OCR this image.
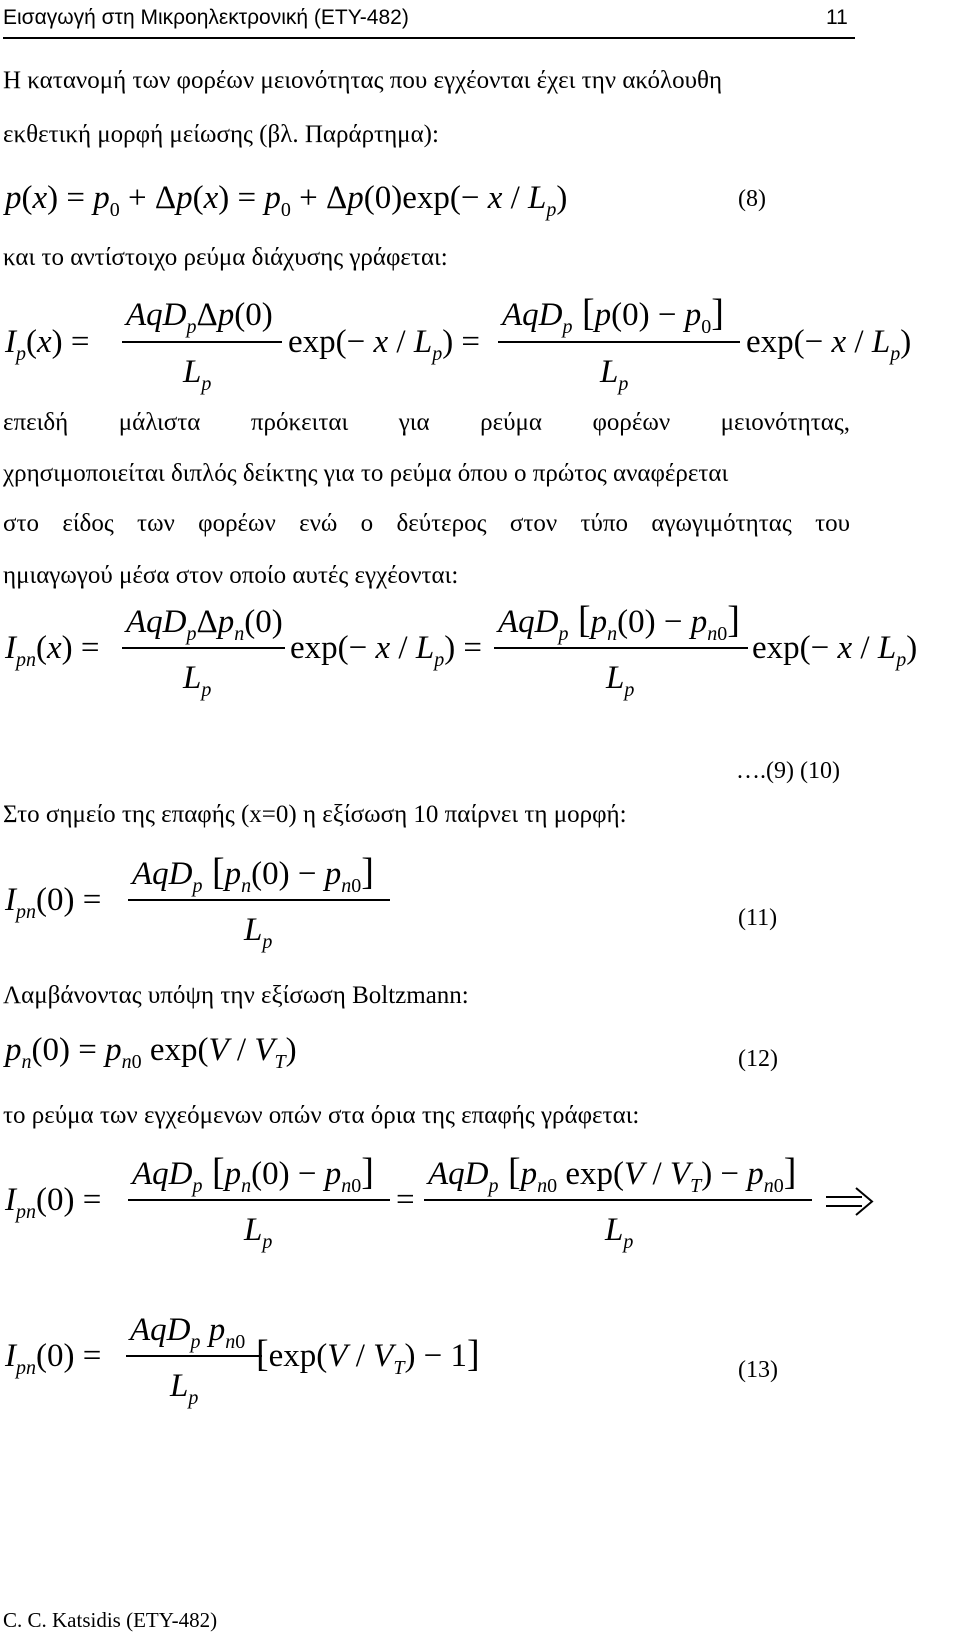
Εισαγωγή στη Μικροηλεκτρονική (ΕΤΥ-482)	11
Η κατανομή των φορέων μειονότητας που εγχέονται έχει την ακόλουθη
εκθετική μορφή μείωσης (βλ. Παράρτημα):
$p(x) = p_0 + \Delta p(x) = p_0 + \Delta p(0)\exp(- x / L_p)$	(8)
και το αντίστοιχο ρεύμα διάχυσης γράφεται:
$I_p(x)$ =
AqD$_p$Δp(0)
$L_p$
$\exp(- x / L_p)$ =
AqD$_p$ $[p(0) - p_0]$
$L_p$
$\exp(- x / L_p)$
επειδή μάλιστα πρόκειται για ρεύμα φορέων μειονότητας,
χρησιμοποιείται διπλός δείκτης για το ρεύμα όπου ο πρώτος αναφέρεται
στο είδος των φορέων ενώ ο δεύτερος στον τύπο αγωγιμότητας του
ημιαγωγού μέσα στον οποίο αυτές εγχέονται:
$I_{pn}(x)$ =
$AqD_p\Delta p_n(0)$
$L_p$
$\exp(- x / L_p)$ =
AqD$_p$ $[p_n(0) - p_n0]$
$L_p$
$\exp(- x / L_p)$
….(9) (10)
Στο σημείο της επαφής (x=0) η εξίσωση 10 παίρνει τη μορφή:
$I_{pn}(0)$ =
AqD$_p$ $[p_n(0) - p_n0]$
$L_p$
(11)
Λαμβάνοντας υπόψη την εξίσωση Boltzmann:
$p_n(0) = p_n0$ $\exp(V / V_T)$	(12)
το ρεύμα των εγχεόμενων οπών στα όρια της επαφής γράφεται:
$I_{pn}(0)$ =
AqD$_p$ $[p_n(0) - p_n0]$
$L_p$
=
AqD$_p$ [$p_n0$ $\exp(V / V_T) - p_n0$]
$L_p$
$I_{pn}(0)$ =
AqD$_p$ $p_n0$
$L_p$
$[\exp(V / V_T) - 1]$	(13)
C. C. Katsidis (ΕΤΥ-482)
